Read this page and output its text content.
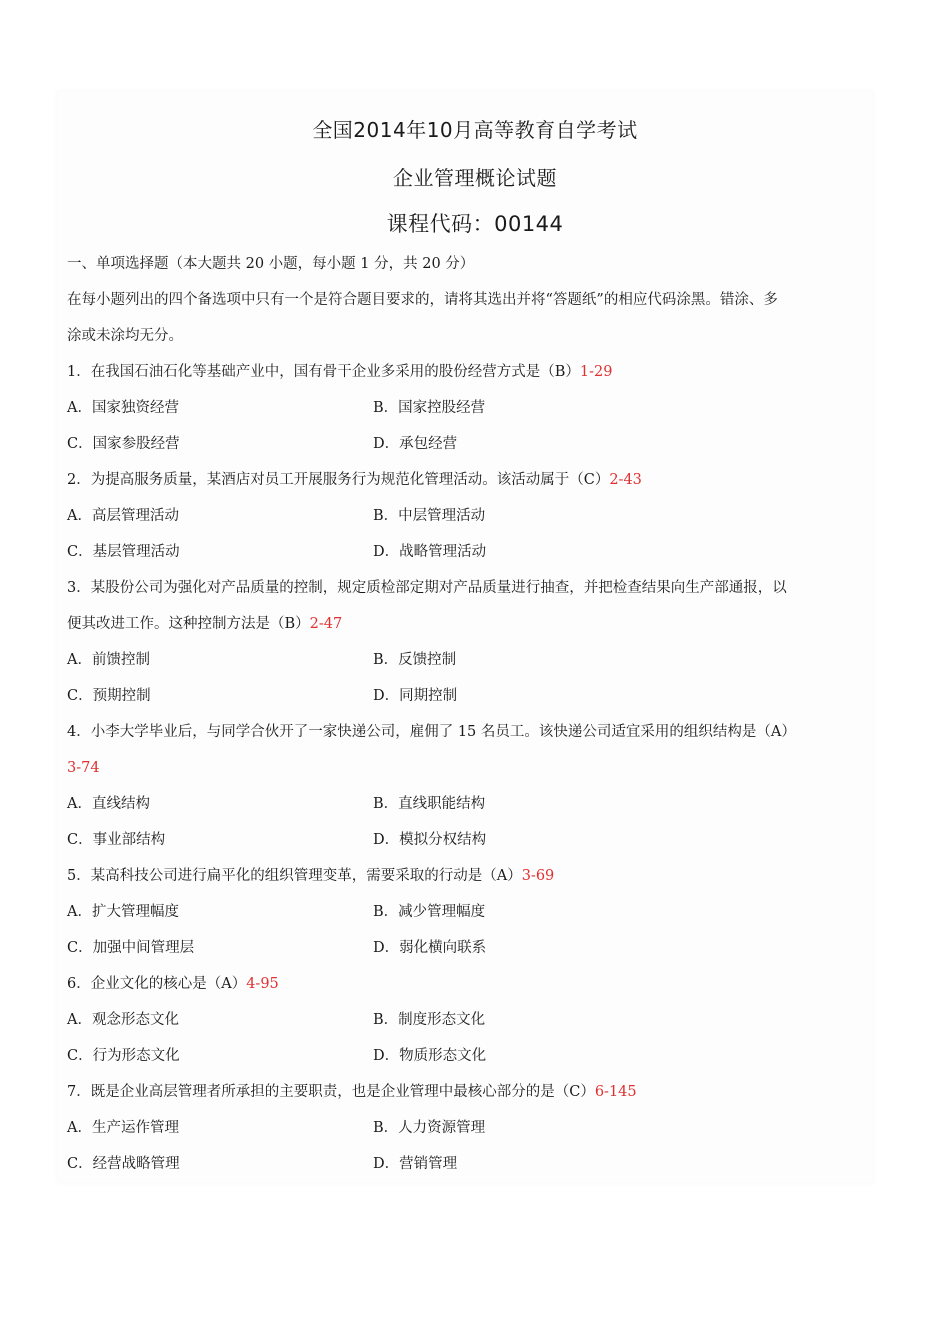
全国2014年10月高等教育自学考试
企业管理概论试题
课程代码：00144
一、单项选择题（本大题共 20 小题，每小题 1 分，共 20 分）
在每小题列出的四个备选项中只有一个是符合题目要求的，请将其选出并将“答题纸”的相应代码涂黑。错涂、多
涂或未涂均无分。
1．在我国石油石化等基础产业中，国有骨干企业多采用的股份经营方式是（B）1-29
A．国家独资经营	B．国家控股经营
C．国家参股经营	D．承包经营
2．为提高服务质量，某酒店对员工开展服务行为规范化管理活动。该活动属于（C）2-43
A．高层管理活动	B．中层管理活动
C．基层管理活动	D．战略管理活动
3．某股份公司为强化对产品质量的控制，规定质检部定期对产品质量进行抽查，并把检查结果向生产部通报，以
便其改进工作。这种控制方法是（B）2-47
A．前馈控制	B．反馈控制
C．预期控制	D．同期控制
4．小李大学毕业后，与同学合伙开了一家快递公司，雇佣了 15 名员工。该快递公司适宜采用的组织结构是（A）
3-74
A．直线结构	B．直线职能结构
C．事业部结构	D．模拟分权结构
5．某高科技公司进行扁平化的组织管理变革，需要采取的行动是（A）3-69
A．扩大管理幅度	B．减少管理幅度
C．加强中间管理层	D．弱化横向联系
6．企业文化的核心是（A）4-95
A．观念形态文化	B．制度形态文化
C．行为形态文化	D．物质形态文化
7．既是企业高层管理者所承担的主要职责，也是企业管理中最核心部分的是（C）6-145
A．生产运作管理	B．人力资源管理
C．经营战略管理	D．营销管理
